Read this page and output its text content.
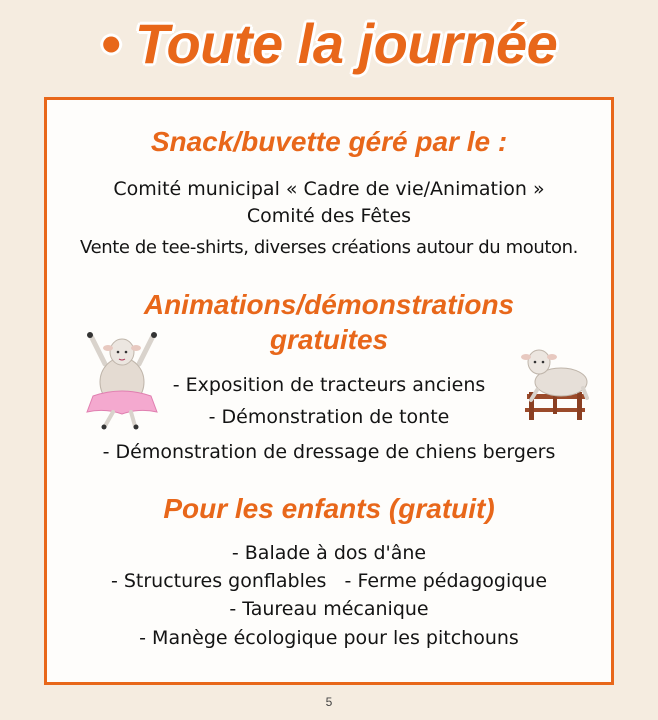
• Toute la journée
Snack/buvette géré par le :
Comité municipal « Cadre de vie/Animation »
Comité des Fêtes
Vente de tee-shirts, diverses créations autour du mouton.
Animations/démonstrations
gratuites
- Exposition de tracteurs anciens
- Démonstration de tonte
- Démonstration de dressage de chiens bergers
Pour les enfants (gratuit)
- Balade à dos d'âne
- Structures gonflables   - Ferme pédagogique
- Taureau mécanique
- Manège écologique pour les pitchouns
5
